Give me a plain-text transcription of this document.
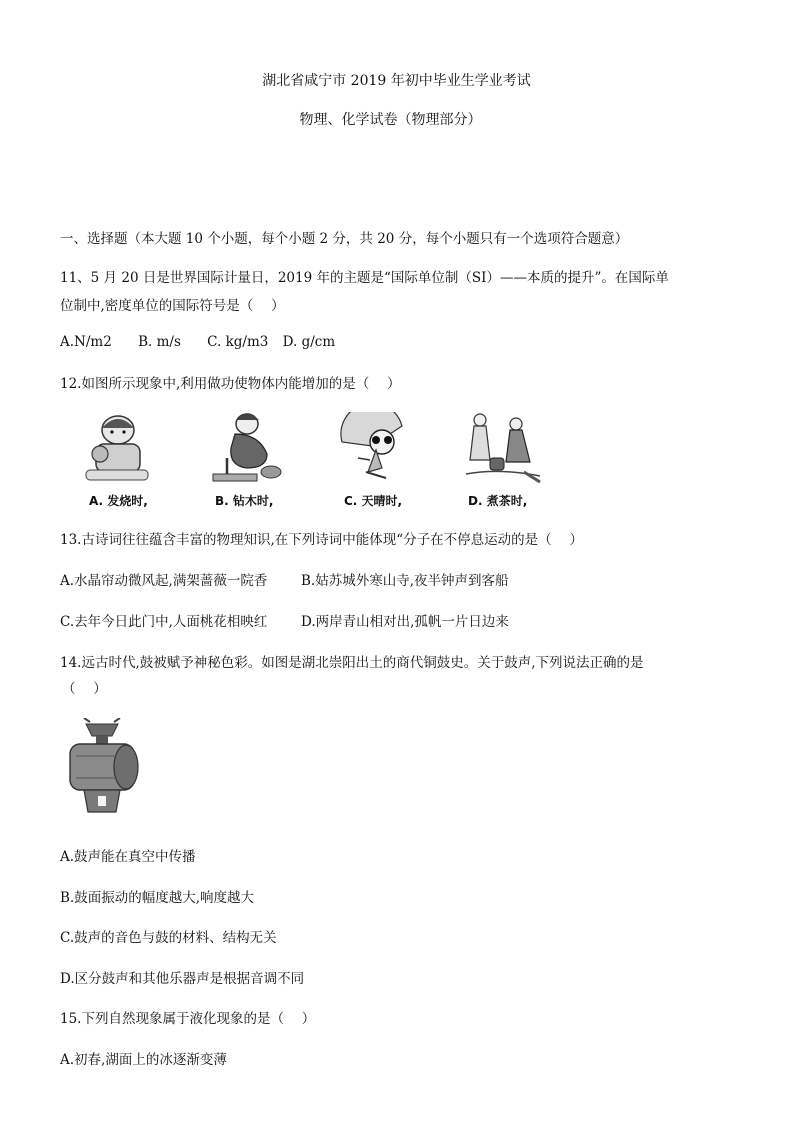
湖北省咸宁市 2019 年初中毕业生学业考试
物理、化学试卷（物理部分）
一、选择题（本大题 10 个小题，每个小题 2 分，共 20 分，每个小题只有一个选项符合题意）
11、5 月 20 日是世界国际计量日，2019 年的主题是“国际单位制（SI）——本质的提升”。在国际单
位制中,密度单位的国际符号是（　 ）
A.N/m2 B. m/s C. kg/m3 D. g/cm
12.如图所示现象中,利用做功使物体内能增加的是（　 ）
A. 发烧时,	B. 钻木时,	C. 天晴时,	D. 煮茶时,
13.古诗词往往蕴含丰富的物理知识,在下列诗词中能体现“分子在不停息运动的是（　 ）
A.水晶帘动微风起,满架蔷薇一院香 B.姑苏城外寒山寺,夜半钟声到客船
C.去年今日此门中,人面桃花相映红 D.两岸青山相对出,孤帆一片日边来
14.远古时代,鼓被赋予神秘色彩。如图是湖北崇阳出土的商代铜鼓史。关于鼓声,下列说法正确的是
（　 ）
A.鼓声能在真空中传播
B.鼓面振动的幅度越大,响度越大
C.鼓声的音色与鼓的材料、结构无关
D.区分鼓声和其他乐器声是根据音调不同
15.下列自然现象属于液化现象的是（　 ）
A.初春,湖面上的冰逐渐变薄
